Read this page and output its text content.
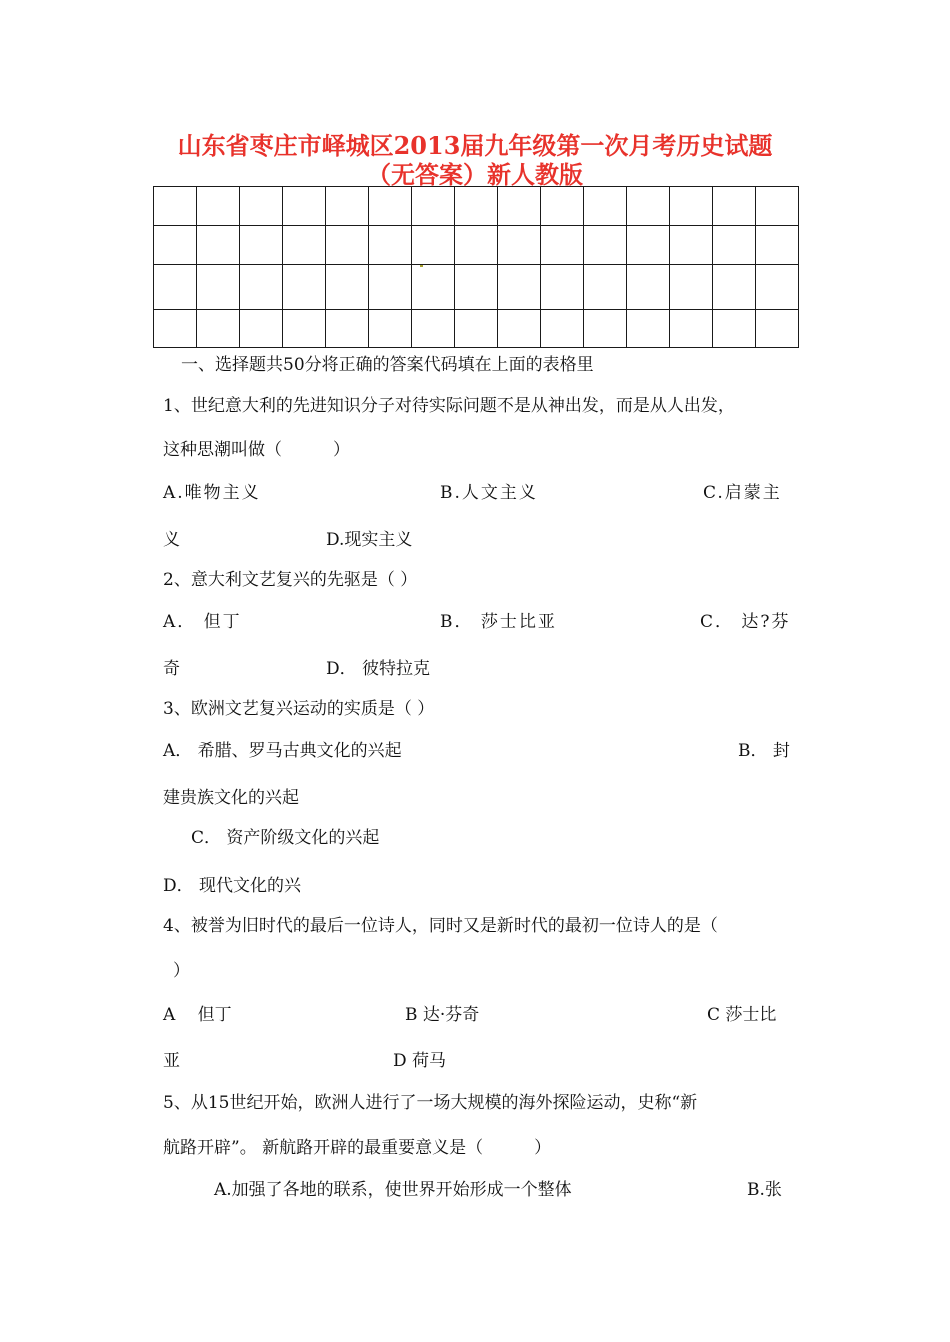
山东省枣庄市峄城区2013届九年级第一次月考历史试题
（无答案）新人教版

一、选择题共50分将正确的答案代码填在上面的表格里
1、世纪意大利的先进知识分子对待实际问题不是从神出发，而是从人出发，
这种思潮叫做（　　　）
A.唯物主义	B.人文主义	C.启蒙主
义	D.现实主义
2、意大利文艺复兴的先驱是（ ）
A． 但丁	B． 莎士比亚	C． 达?芬
奇	D． 彼特拉克
3、欧洲文艺复兴运动的实质是（ ）
A． 希腊、罗马古典文化的兴起	B． 封
建贵族文化的兴起
C． 资产阶级文化的兴起
D． 现代文化的兴
4、被誉为旧时代的最后一位诗人，同时又是新时代的最初一位诗人的是（
）
A　 但丁	B 达·芬奇	C 莎士比
亚	D 荷马
5、从15世纪开始，欧洲人进行了一场大规模的海外探险运动，史称“新
航路开辟”。 新航路开辟的最重要意义是（　　　）
A.加强了各地的联系，使世界开始形成一个整体	B.张
